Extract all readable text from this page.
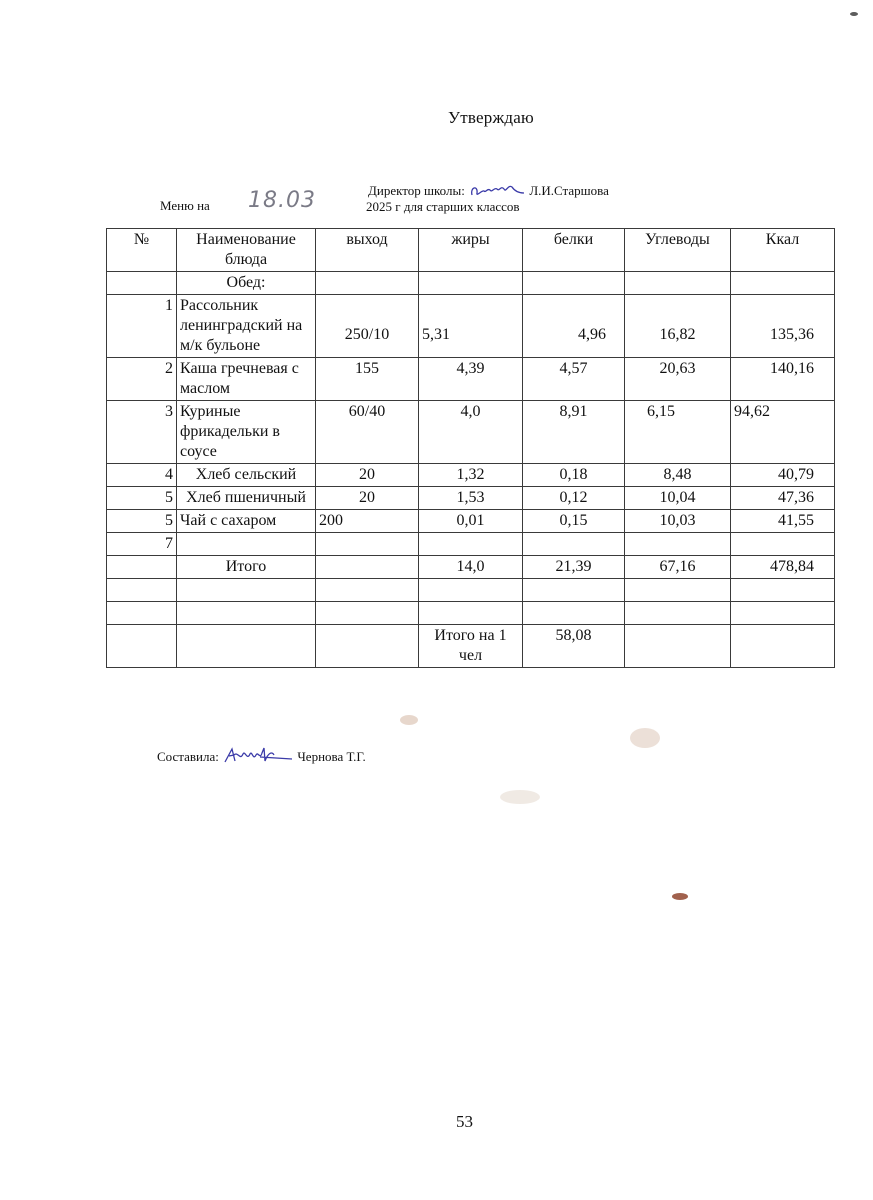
Утверждаю
Директор школы:	Л.И.Старшова
2025 г для старших классов
Меню на 18.03
№	Наименование блюда	выход	жиры	белки	Углеводы	Ккал
	Обед:					
1	Рассольник ленинградский на м/к бульоне	250/10	5,31	4,96	16,82	135,36
2	Каша гречневая с маслом	155	4,39	4,57	20,63	140,16
3	Куриные фрикадельки в соусе	60/40	4,0	8,91	6,15	94,62
4	Хлеб сельский	20	1,32	0,18	8,48	40,79
5	Хлеб пшеничный	20	1,53	0,12	10,04	47,36
5	Чай с сахаром	200	0,01	0,15	10,03	41,55
7						
	Итого		14,0	21,39	67,16	478,84

			Итого на 1 чел	58,08		
Составила:	Чернова Т.Г.
53
